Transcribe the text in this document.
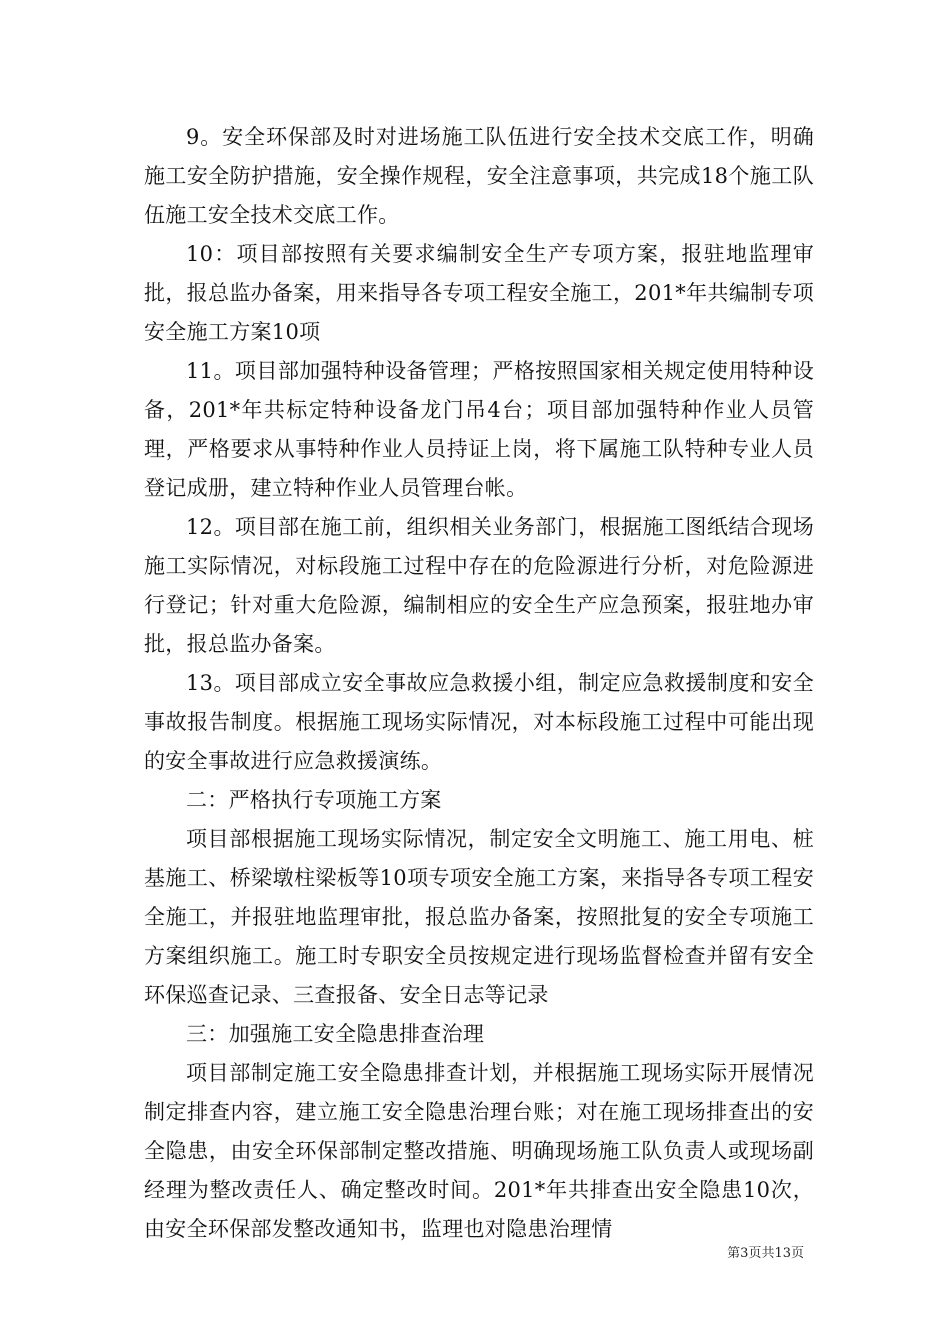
9。安全环保部及时对进场施工队伍进行安全技术交底工作，明确施工安全防护措施，安全操作规程，安全注意事项，共完成18个施工队伍施工安全技术交底工作。

10：项目部按照有关要求编制安全生产专项方案，报驻地监理审批，报总监办备案，用来指导各专项工程安全施工，201*年共编制专项安全施工方案10项

11。项目部加强特种设备管理；严格按照国家相关规定使用特种设备，201*年共标定特种设备龙门吊4台；项目部加强特种作业人员管理，严格要求从事特种作业人员持证上岗，将下属施工队特种专业人员登记成册，建立特种作业人员管理台帐。

12。项目部在施工前，组织相关业务部门，根据施工图纸结合现场施工实际情况，对标段施工过程中存在的危险源进行分析，对危险源进行登记；针对重大危险源，编制相应的安全生产应急预案，报驻地办审批，报总监办备案。

13。项目部成立安全事故应急救援小组，制定应急救援制度和安全事故报告制度。根据施工现场实际情况，对本标段施工过程中可能出现的安全事故进行应急救援演练。

二：严格执行专项施工方案

项目部根据施工现场实际情况，制定安全文明施工、施工用电、桩基施工、桥梁墩柱梁板等10项专项安全施工方案，来指导各专项工程安全施工，并报驻地监理审批，报总监办备案，按照批复的安全专项施工方案组织施工。施工时专职安全员按规定进行现场监督检查并留有安全环保巡查记录、三查报备、安全日志等记录

三：加强施工安全隐患排查治理

项目部制定施工安全隐患排查计划，并根据施工现场实际开展情况制定排查内容，建立施工安全隐患治理台账；对在施工现场排查出的安全隐患，由安全环保部制定整改措施、明确现场施工队负责人或现场副经理为整改责任人、确定整改时间。201*年共排查出安全隐患10次，由安全环保部发整改通知书，监理也对隐患治理情

第3页共13页
